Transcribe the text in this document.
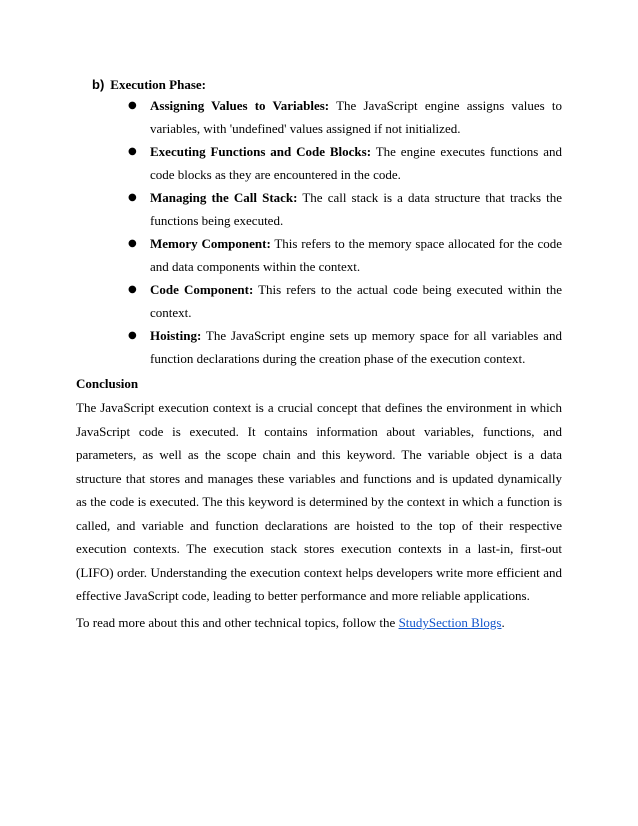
b) Execution Phase:
● Assigning Values to Variables: The JavaScript engine assigns values to variables, with 'undefined' values assigned if not initialized.
● Executing Functions and Code Blocks: The engine executes functions and code blocks as they are encountered in the code.
● Managing the Call Stack: The call stack is a data structure that tracks the functions being executed.
● Memory Component: This refers to the memory space allocated for the code and data components within the context.
● Code Component: This refers to the actual code being executed within the context.
● Hoisting: The JavaScript engine sets up memory space for all variables and function declarations during the creation phase of the execution context.
Conclusion

The JavaScript execution context is a crucial concept that defines the environment in which JavaScript code is executed. It contains information about variables, functions, and parameters, as well as the scope chain and this keyword. The variable object is a data structure that stores and manages these variables and functions and is updated dynamically as the code is executed. The this keyword is determined by the context in which a function is called, and variable and function declarations are hoisted to the top of their respective execution contexts. The execution stack stores execution contexts in a last-in, first-out (LIFO) order. Understanding the execution context helps developers write more efficient and effective JavaScript code, leading to better performance and more reliable applications.

To read more about this and other technical topics, follow the StudySection Blogs.
